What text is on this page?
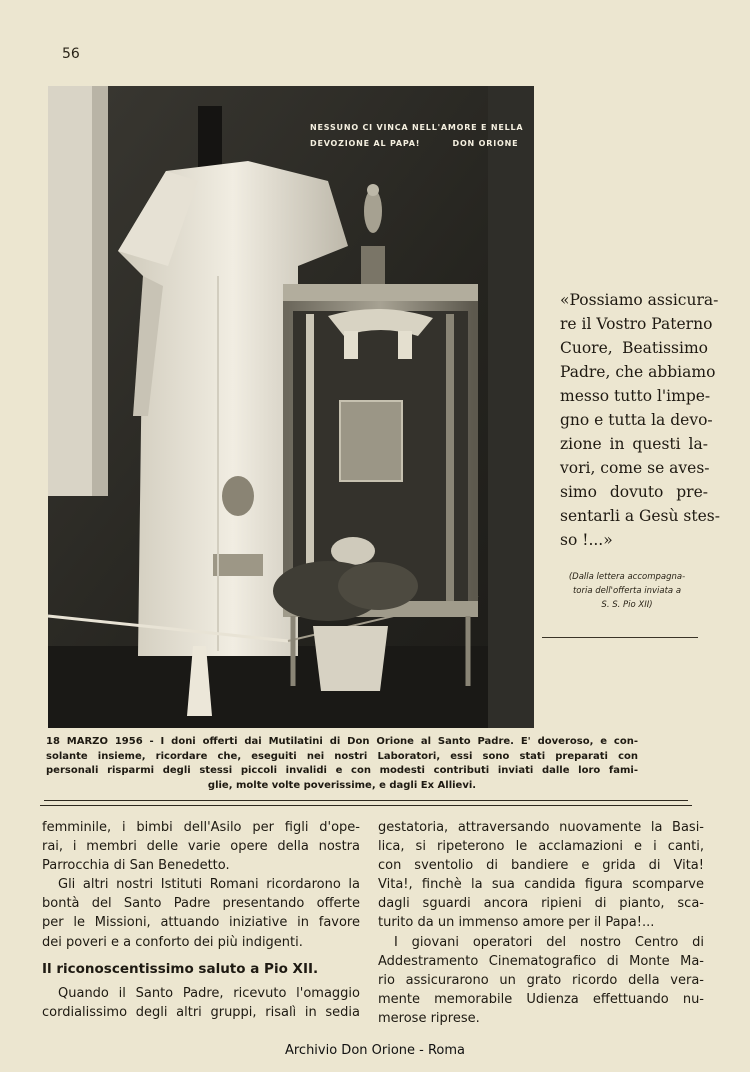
56
NESSUNO CI VINCA NELL'AMORE E NELLA
DEVOZIONE AL PAPA!         DON ORIONE
«Possiamo assicura-
re il Vostro Paterno
Cuore, Beatissimo
Padre, che abbiamo
messo tutto l'impe-
gno e tutta la devo-
zione in questi la-
vori, come se aves-
simo dovuto pre-
sentarli a Gesù stes-
so !...»
(Dalla lettera accompagna-
toria dell'offerta inviata a
S. S. Pio XII)
18 MARZO 1956 - I doni offerti dai Mutilatini di Don Orione al Santo Padre. E' doveroso, e con-
solante insieme, ricordare che, eseguiti nei nostri Laboratori, essi sono stati preparati con
personali risparmi degli stessi piccoli invalidi e con modesti contributi inviati dalle loro fami-
glie, molte volte poverissime, e dagli Ex Allievi.
femminile, i bimbi dell'Asilo per figli d'ope-
rai, i membri delle varie opere della nostra
Parrocchia di San Benedetto.
Gli altri nostri Istituti Romani ricordarono la
bontà del Santo Padre presentando offerte
per le Missioni, attuando iniziative in favore
dei poveri e a conforto dei più indigenti.
Il riconoscentissimo saluto a Pio XII.
Quando il Santo Padre, ricevuto l'omaggio
cordialissimo degli altri gruppi, risalì in sedia
gestatoria, attraversando nuovamente la Basi-
lica, si ripeterono le acclamazioni e i canti,
con sventolio di bandiere e grida di Vita!
Vita!, finchè la sua candida figura scomparve
dagli sguardi ancora ripieni di pianto, sca-
turito da un immenso amore per il Papa!...
I giovani operatori del nostro Centro di
Addestramento Cinematografico di Monte Ma-
rio assicurarono un grato ricordo della vera-
mente memorabile Udienza effettuando nu-
merose riprese.
Archivio Don Orione - Roma
